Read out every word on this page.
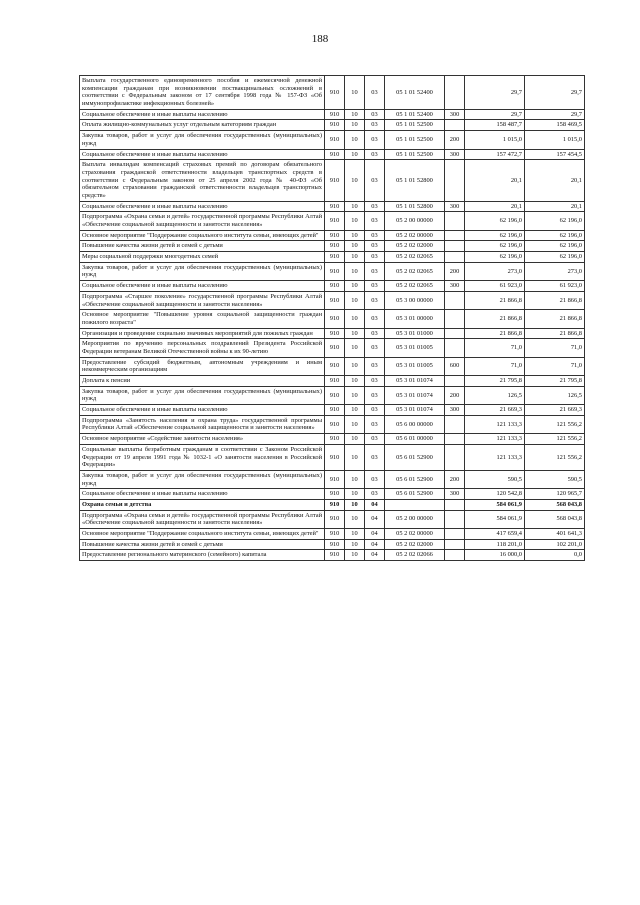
188
Выплата государственного единовременного пособия и ежемесячной денежной компенсации гражданам при возникновении поствакцинальных осложнений в соответствии с Федеральным законом от 17 сентября 1998 года № 157-ФЗ «Об иммунопрофилактике инфекционных болезней»	910	10	03	05 1 01 52400		29,7	29,7
Социальное обеспечение и иные выплаты населению	910	10	03	05 1 01 52400	300	29,7	29,7
Оплата жилищно-коммунальных услуг отдельным категориям граждан	910	10	03	05 1 01 52500		158 487,7	158 469,5
Закупка товаров, работ и услуг для обеспечения государственных (муниципальных) нужд	910	10	03	05 1 01 52500	200	1 015,0	1 015,0
Социальное обеспечение и иные выплаты населению	910	10	03	05 1 01 52500	300	157 472,7	157 454,5
Выплата инвалидам компенсаций страховых премий по договорам обязательного страхования гражданской ответственности владельцев транспортных средств в соответствии с Федеральным законом от 25 апреля 2002 года № 40-ФЗ «Об обязательном страховании гражданской ответственности владельцев транспортных средств»	910	10	03	05 1 01 52800		20,1	20,1
Социальное обеспечение и иные выплаты населению	910	10	03	05 1 01 52800	300	20,1	20,1
Подпрограмма «Охрана семьи и детей» государственной программы Республики Алтай «Обеспечение социальной защищенности и занятости населения»	910	10	03	05 2 00 00000		62 196,0	62 196,0
Основное мероприятие "Поддержание социального института семьи, имеющих детей"	910	10	03	05 2 02 00000		62 196,0	62 196,0
Повышение качества жизни детей и семей с детьми	910	10	03	05 2 02 02000		62 196,0	62 196,0
Меры социальной поддержки многодетных семей	910	10	03	05 2 02 02065		62 196,0	62 196,0
Закупка товаров, работ и услуг для обеспечения государственных (муниципальных) нужд	910	10	03	05 2 02 02065	200	273,0	273,0
Социальное обеспечение и иные выплаты населению	910	10	03	05 2 02 02065	300	61 923,0	61 923,0
Подпрограмма «Старшее поколение» государственной программы Республики Алтай «Обеспечение социальной защищенности и занятости населения»	910	10	03	05 3 00 00000		21 866,8	21 866,8
Основное мероприятие "Повышение уровня социальной защищенности граждан пожилого возраста"	910	10	03	05 3 01 00000		21 866,8	21 866,8
Организация и проведение социально значимых мероприятий для пожилых граждан	910	10	03	05 3 01 01000		21 866,8	21 866,8
Мероприятия по вручению персональных поздравлений Президента Российской Федерации ветеранам Великой Отечественной войны к их 90-летию	910	10	03	05 3 01 01005		71,0	71,0
Предоставление субсидий бюджетным, автономным учреждениям и иным некоммерческим организациям	910	10	03	05 3 01 01005	600	71,0	71,0
Доплата к пенсии	910	10	03	05 3 01 01074		21 795,8	21 795,8
Закупка товаров, работ и услуг для обеспечения государственных (муниципальных) нужд	910	10	03	05 3 01 01074	200	126,5	126,5
Социальное обеспечение и иные выплаты населению	910	10	03	05 3 01 01074	300	21 669,3	21 669,3
Подпрограмма «Занятость населения и охрана труда» государственной программы Республики Алтай «Обеспечение социальной защищенности и занятости населения»	910	10	03	05 6 00 00000		121 133,3	121 556,2
Основное мероприятие «Содействие занятости населения»	910	10	03	05 6 01 00000		121 133,3	121 556,2
Социальные выплаты безработным гражданам в соответствии с Законом Российской Федерации от 19 апреля 1991 года № 1032-1 «О занятости населения в Российской Федерации»	910	10	03	05 6 01 52900		121 133,3	121 556,2
Закупка товаров, работ и услуг для обеспечения государственных (муниципальных) нужд	910	10	03	05 6 01 52900	200	590,5	590,5
Социальное обеспечение и иные выплаты населению	910	10	03	05 6 01 52900	300	120 542,8	120 965,7
Охрана семьи и детства	910	10	04			584 061,9	568 043,8
Подпрограмма «Охрана семьи и детей» государственной программы Республики Алтай «Обеспечение социальной защищенности и занятости населения»	910	10	04	05 2 00 00000		584 061,9	568 043,8
Основное мероприятие "Поддержание социального института семьи, имеющих детей"	910	10	04	05 2 02 00000		417 659,4	401 641,3
Повышение качества жизни детей и семей с детьми	910	10	04	05 2 02 02000		118 201,0	102 201,0
Предоставление регионального материнского (семейного) капитала	910	10	04	05 2 02 02066		16 000,0	0,0
